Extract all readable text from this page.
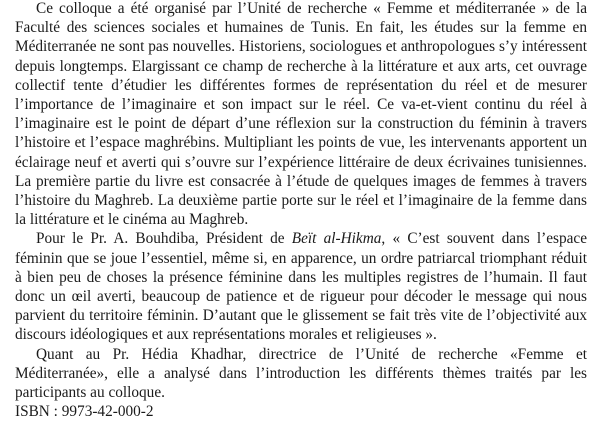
Ce colloque a été organisé par l’Unité de recherche « Femme et méditerranée » de la Faculté des sciences sociales et humaines de Tunis. En fait, les études sur la femme en Méditerranée ne sont pas nouvelles. Historiens, sociologues et anthropologues s’y intéressent depuis longtemps. Elargissant ce champ de recherche à la littérature et aux arts, cet ouvrage collectif tente d’étudier les différentes formes de représentation du réel et de mesurer l’importance de l’imaginaire et son impact sur le réel. Ce va-et-vient continu du réel à l’imaginaire est le point de départ d’une réflexion sur la construction du féminin à travers l’histoire et l’espace maghrébins. Multipliant les points de vue, les intervenants apportent un éclairage neuf et averti qui s’ouvre sur l’expérience littéraire de deux écrivaines tunisiennes. La première partie du livre est consacrée à l’étude de quelques images de femmes à travers l’histoire du Maghreb. La deuxième partie porte sur le réel et l’imaginaire de la femme dans la littérature et le cinéma au Maghreb.

Pour le Pr. A. Bouhdiba, Président de Beït al-Hikma, « C’est souvent dans l’espace féminin que se joue l’essentiel, même si, en apparence, un ordre patriarcal triomphant réduit à bien peu de choses la présence féminine dans les multiples registres de l’humain. Il faut donc un œil averti, beaucoup de patience et de rigueur pour décoder le message qui nous parvient du territoire féminin. D’autant que le glissement se fait très vite de l’objectivité aux discours idéologiques et aux représentations morales et religieuses ».

Quant au Pr. Hédia Khadhar, directrice de l’Unité de recherche «Femme et Méditerranée», elle a analysé dans l’introduction les différents thèmes traités par les participants au colloque.

ISBN : 9973-42-000-2
